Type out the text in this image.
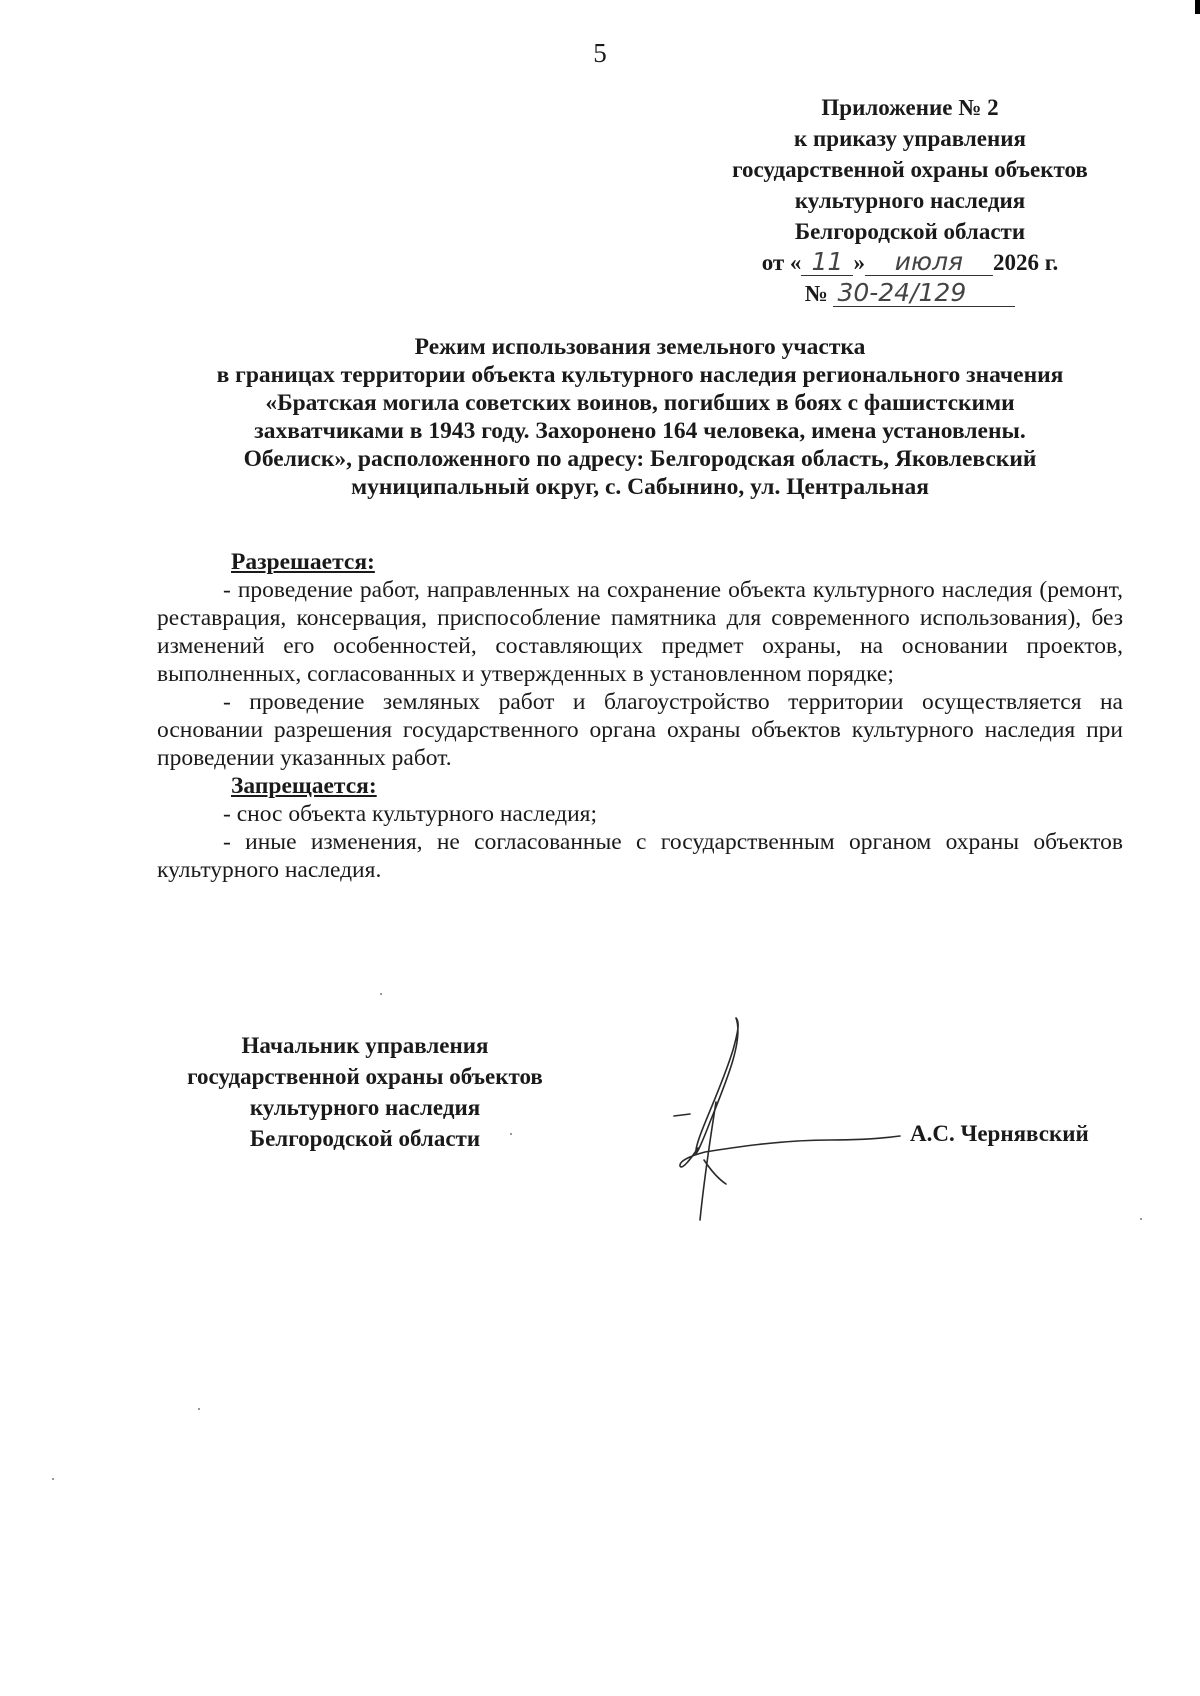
5
Приложение № 2
к приказу управления
государственной охраны объектов
культурного наследия
Белгородской области
от « 11 » июля 2026 г.
№ 30-24/129
Режим использования земельного участка
в границах территории объекта культурного наследия регионального значения
«Братская могила советских воинов, погибших в боях с фашистскими
захватчиками в 1943 году. Захоронено 164 человека, имена установлены.
Обелиск», расположенного по адресу: Белгородская область, Яковлевский
муниципальный округ, с. Сабынино, ул. Центральная
Разрешается:

- проведение работ, направленных на сохранение объекта культурного наследия (ремонт, реставрация, консервация, приспособление памятника для современного использования), без изменений его особенностей, составляющих предмет охраны, на основании проектов, выполненных, согласованных и утвержденных в установленном порядке;

- проведение земляных работ и благоустройство территории осуществляется на основании разрешения государственного органа охраны объектов культурного наследия при проведении указанных работ.

Запрещается:

- снос объекта культурного наследия;

- иные изменения, не согласованные с государственным органом охраны объектов культурного наследия.

Начальник управления
государственной охраны объектов
культурного наследия
Белгородской области	А.С. Чернявский
